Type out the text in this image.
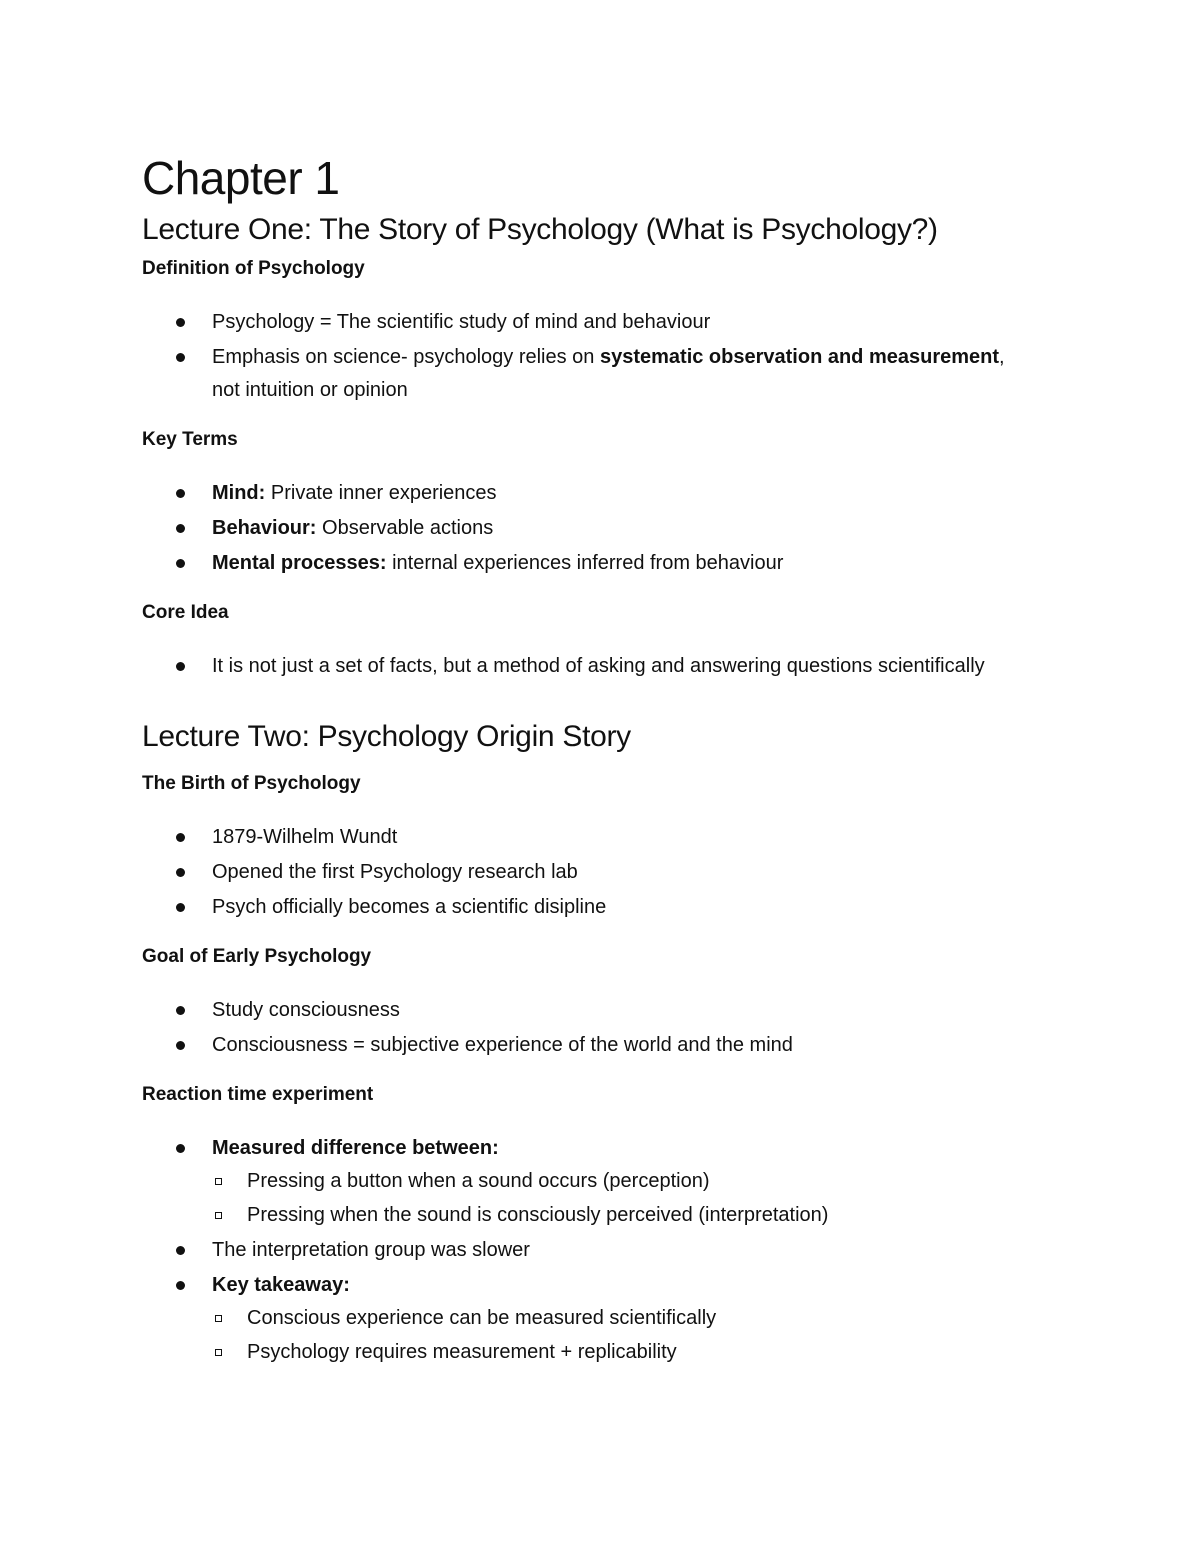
Chapter 1
Lecture One: The Story of Psychology (What is Psychology?)
Definition of Psychology
Psychology = The scientific study of mind and behaviour
Emphasis on science- psychology relies on systematic observation and measurement, not intuition or opinion
Key Terms
Mind: Private inner experiences
Behaviour: Observable actions
Mental processes: internal experiences inferred from behaviour
Core Idea
It is not just a set of facts, but a method of asking and answering questions scientifically
Lecture Two: Psychology Origin Story
The Birth of Psychology
1879-Wilhelm Wundt
Opened the first Psychology research lab
Psych officially becomes a scientific disipline
Goal of Early Psychology
Study consciousness
Consciousness = subjective experience of the world and the mind
Reaction time experiment
Measured difference between:
Pressing a button when a sound occurs (perception)
Pressing when the sound is consciously perceived (interpretation)
The interpretation group was slower
Key takeaway:
Conscious experience can be measured scientifically
Psychology requires measurement + replicability
